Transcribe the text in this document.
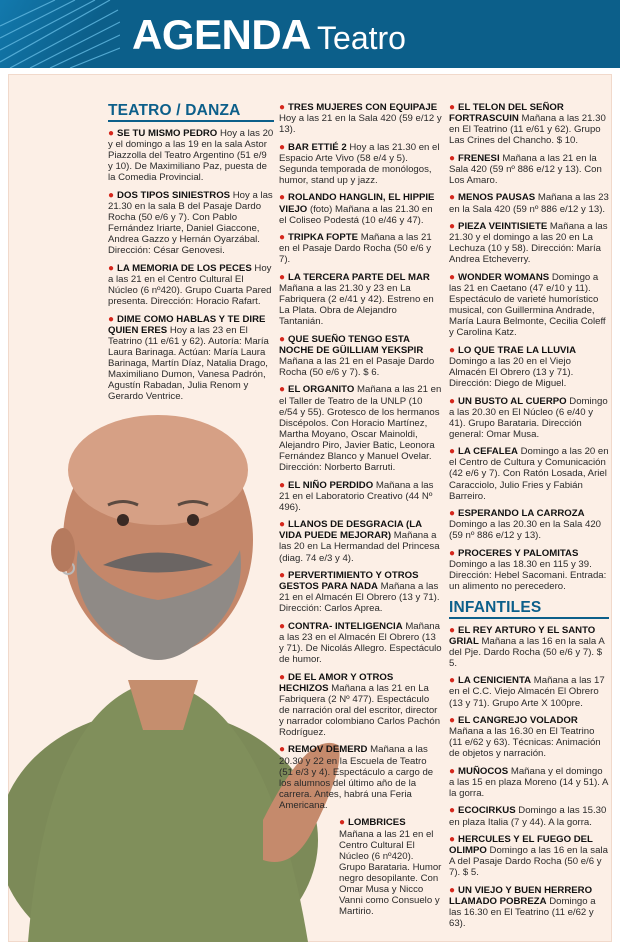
AGENDA Teatro
TEATRO / DANZA
● SE TU MISMO PEDRO Hoy a las 20 y el domingo a las 19 en la sala Astor Piazzolla del Teatro Argentino (51 e/9 y 10). De Maximiliano Paz, puesta de la Comedia Provincial.
● DOS TIPOS SINIESTROS Hoy a las 21.30 en la sala B del Pasaje Dardo Rocha (50 e/6 y 7). Con Pablo Fernández Iriarte, Daniel Giaccone, Andrea Gazzo y Hernán Oyarzábal. Dirección: César Genovesi.
● LA MEMORIA DE LOS PECES Hoy a las 21 en el Centro Cultural El Núcleo (6 nº420). Grupo Cuarta Pared presenta. Dirección: Horacio Rafart.
● DIME COMO HABLAS Y TE DIRE QUIEN ERES Hoy a las 23 en El Teatrino (11 e/61 y 62). Autoría: María Laura Barinaga. Actúan: María Laura Barinaga, Martín Díaz, Natalia Drago, Maximiliano Dumon, Vanesa Padrón, Agustín Rabadan, Julia Renom y Gerardo Ventrice.
● TRES MUJERES CON EQUIPAJE Hoy a las 21 en la Sala 420 (59 e/12 y 13).
● BAR ETTIÉ 2 Hoy a las 21.30 en el Espacio Arte Vivo (58 e/4 y 5). Segunda temporada de monólogos, humor, stand up y jazz.
● ROLANDO HANGLIN, EL HIPPIE VIEJO (foto) Mañana a las 21.30 en el Coliseo Podestá (10 e/46 y 47).
● TRIPKA FOPTE Mañana a las 21 en el Pasaje Dardo Rocha (50 e/6 y 7).
● LA TERCERA PARTE DEL MAR Mañana a las 21.30 y 23 en La Fabriquera (2 e/41 y 42). Estreno en La Plata. Obra de Alejandro Tantanián.
● QUE SUEÑO TENGO ESTA NOCHE DE GÜILLIAM YEKSPIR Mañana a las 21 en el Pasaje Dardo Rocha (50 e/6 y 7). $ 6.
● EL ORGANITO Mañana a las 21 en el Taller de Teatro de la UNLP (10 e/54 y 55). Grotesco de los hermanos Discépolos. Con Horacio Martínez, Martha Moyano, Oscar Mainoldi, Alejandro Piro, Javier Batic, Leonora Fernández Blanco y Manuel Ovelar. Dirección: Norberto Barruti.
● EL NIÑO PERDIDO Mañana a las 21 en el Laboratorio Creativo (44 Nº 496).
● LLANOS DE DESGRACIA (LA VIDA PUEDE MEJORAR) Mañana a las 20 en La Hermandad del Princesa (diag. 74 e/3 y 4).
● PERVERTIMIENTO Y OTROS GESTOS PARA NADA Mañana a las 21 en el Almacén El Obrero (13 y 71). Dirección: Carlos Aprea.
● CONTRA- INTELIGENCIA Mañana a las 23 en el Almacén El Obrero (13 y 71). De Nicolás Allegro. Espectáculo de humor.
● DE EL AMOR Y OTROS HECHIZOS Mañana a las 21 en La Fabriquera (2 Nº 477). Espectáculo de narración oral del escritor, director y narrador colombiano Carlos Pachón Rodríguez.
● REMOV DEMERD Mañana a las 20.30 y 22 en la Escuela de Teatro (51 e/3 y 4). Espectáculo a cargo de los alumnos del último año de la carrera. Antes, habrá una Feria Americana.
● LOMBRICES Mañana a las 21 en el Centro Cultural El Núcleo (6 nº420). Grupo Barataria. Humor negro desopilante. Con Omar Musa y Nicco Vanni como Consuelo y Martirio.
● EL TELON DEL SEÑOR FORTRASCUIN Mañana a las 21.30 en El Teatrino (11 e/61 y 62). Grupo Las Crines del Chancho. $ 10.
● FRENESI Mañana a las 21 en la Sala 420 (59 nº 886 e/12 y 13). Con Los Amaro.
● MENOS PAUSAS Mañana a las 23 en la Sala 420 (59 nº 886 e/12 y 13).
● PIEZA VEINTISIETE Mañana a las 21.30 y el domingo a las 20 en La Lechuza (10 y 58). Dirección: María Andrea Etcheverry.
● WONDER WOMANS Domingo a las 21 en Caetano (47 e/10 y 11). Espectáculo de varieté humorístico musical, con Guillermina Andrade, María Laura Belmonte, Cecilia Coleff y Carolina Katz.
● LO QUE TRAE LA LLUVIA Domingo a las 20 en el Viejo Almacén El Obrero (13 y 71). Dirección: Diego de Miguel.
● UN BUSTO AL CUERPO Domingo a las 20.30 en El Núcleo (6 e/40 y 41). Grupo Barataria. Dirección general: Omar Musa.
● LA CEFALEA Domingo a las 20 en el Centro de Cultura y Comunicación (42 e/6 y 7). Con Ratón Losada, Ariel Caracciolo, Julio Fries y Fabián Barreiro.
● ESPERANDO LA CARROZA Domingo a las 20.30 en la Sala 420 (59 nº 886 e/12 y 13).
● PROCERES Y PALOMITAS Domingo a las 18.30 en 115 y 39. Dirección: Hebel Sacomani. Entrada: un alimento no perecedero.
INFANTILES
● EL REY ARTURO Y EL SANTO GRIAL Mañana a las 16 en la sala A del Pje. Dardo Rocha (50 e/6 y 7). $ 5.
● LA CENICIENTA Mañana a las 17 en el C.C. Viejo Almacén El Obrero (13 y 71). Grupo Arte X 100pre.
● EL CANGREJO VOLADOR Mañana a las 16.30 en El Teatrino (11 e/62 y 63). Técnicas: Animación de objetos y narración.
● MUÑOCOS Mañana y el domingo a las 15 en plaza Moreno (14 y 51). A la gorra.
● ECOCIRKUS Domingo a las 15.30 en plaza Italia (7 y 44). A la gorra.
● HERCULES Y EL FUEGO DEL OLIMPO Domingo a las 16 en la sala A del Pasaje Dardo Rocha (50 e/6 y 7). $ 5.
● UN VIEJO Y BUEN HERRERO LLAMADO POBREZA Domingo a las 16.30 en El Teatrino (11 e/62 y 63).
